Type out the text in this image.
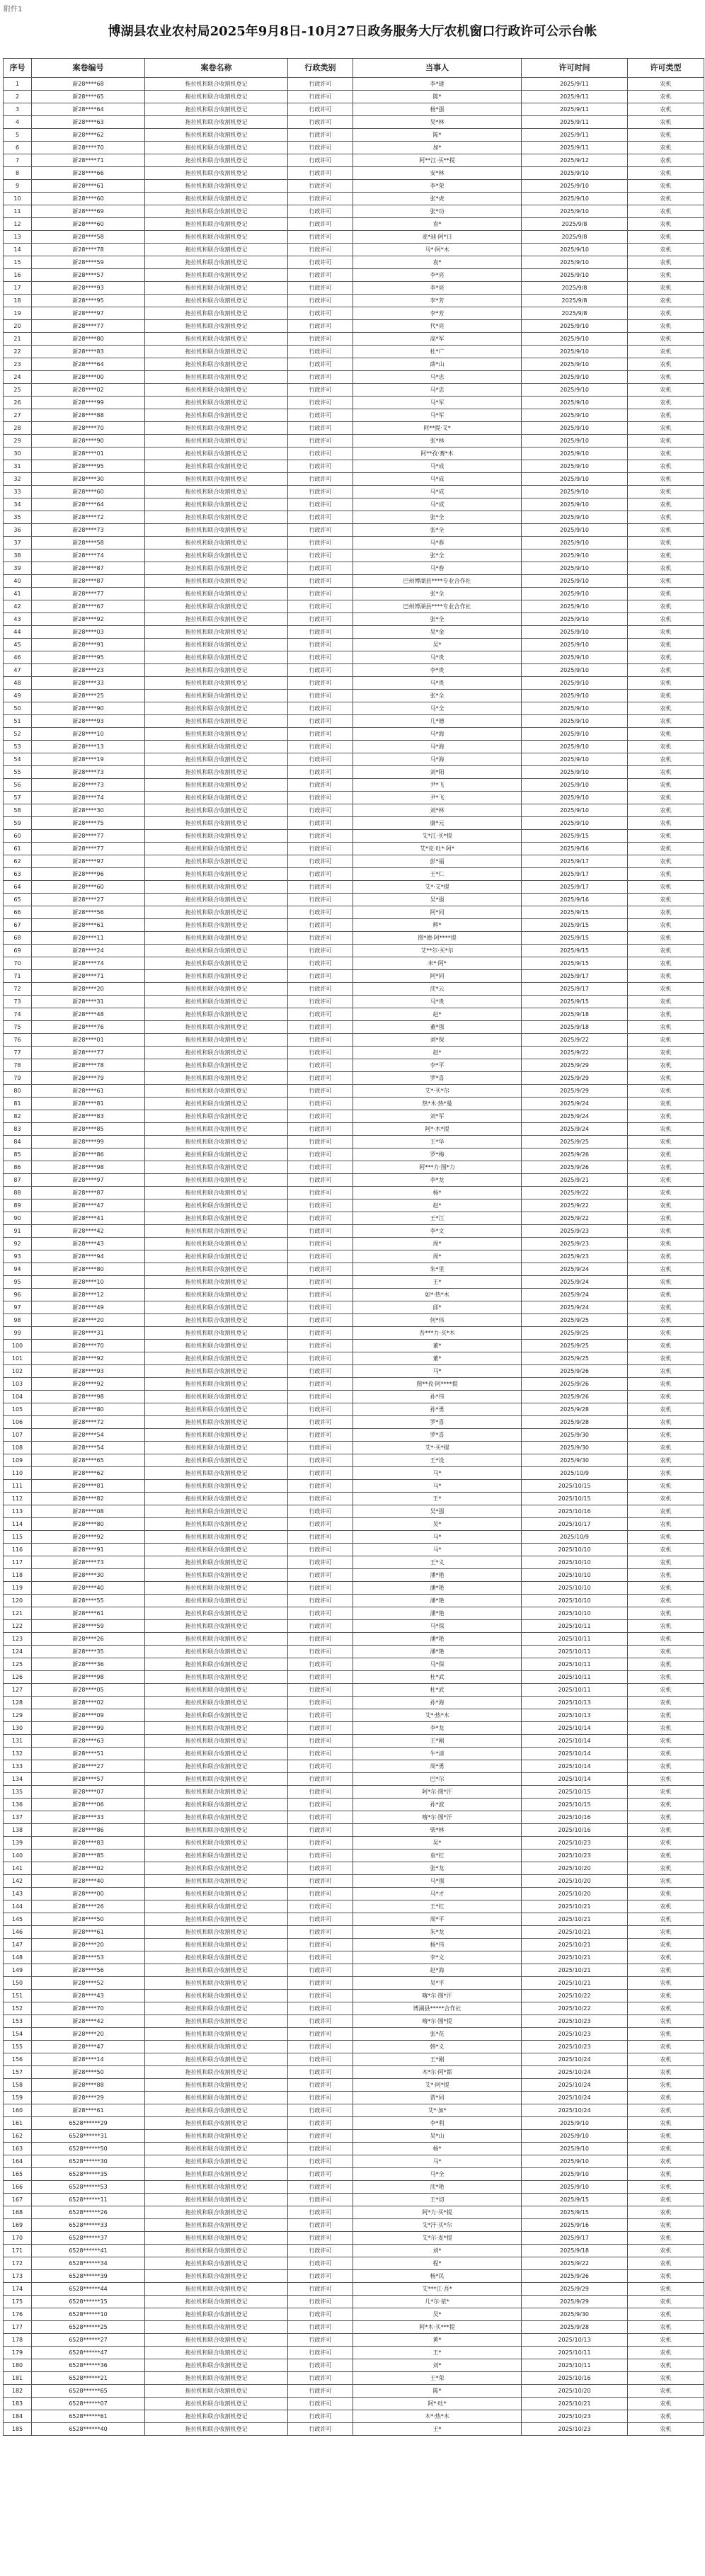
附件1
博湖县农业农村局2025年9月8日-10月27日政务服务大厅农机窗口行政许可公示台帐
序号	案卷编号	案卷名称	行政类别	当事人	许可时间	许可类型
1	新28****68	拖拉机和联合收割机登记	行政许可	李*建	2025/9/11	农机
2	新28****65	拖拉机和联合收割机登记	行政许可	陈*	2025/9/11	农机
3	新28****64	拖拉机和联合收割机登记	行政许可	杨*强	2025/9/11	农机
4	新28****63	拖拉机和联合收割机登记	行政许可	吴*林	2025/9/11	农机
5	新28****62	拖拉机和联合收割机登记	行政许可	陈*	2025/9/11	农机
6	新28****70	拖拉机和联合收割机登记	行政许可	加*	2025/9/11	农机
7	新28****71	拖拉机和联合收割机登记	行政许可	阿**江·买**提	2025/9/12	农机
8	新28****66	拖拉机和联合收割机登记	行政许可	安*林	2025/9/10	农机
9	新28****61	拖拉机和联合收割机登记	行政许可	李*荣	2025/9/10	农机
10	新28****60	拖拉机和联合收割机登记	行政许可	张*虎	2025/9/10	农机
11	新28****69	拖拉机和联合收割机登记	行政许可	张*功	2025/9/10	农机
12	新28****60	拖拉机和联合收割机登记	行政许可	袁*	2025/9/8	农机
13	新28****58	拖拉机和联合收割机登记	行政许可	麦*迪·阿*日	2025/9/8	农机
14	新28****78	拖拉机和联合收割机登记	行政许可	马*·阿*木	2025/9/10	农机
15	新28****59	拖拉机和联合收割机登记	行政许可	袁*	2025/9/10	农机
16	新28****57	拖拉机和联合收割机登记	行政许可	李*亮	2025/9/10	农机
17	新28****93	拖拉机和联合收割机登记	行政许可	李*亮	2025/9/8	农机
18	新28****95	拖拉机和联合收割机登记	行政许可	李*芳	2025/9/8	农机
19	新28****97	拖拉机和联合收割机登记	行政许可	李*芳	2025/9/8	农机
20	新28****77	拖拉机和联合收割机登记	行政许可	代*亮	2025/9/10	农机
21	新28****80	拖拉机和联合收割机登记	行政许可	高*军	2025/9/10	农机
22	新28****83	拖拉机和联合收割机登记	行政许可	杜*广	2025/9/10	农机
23	新28****64	拖拉机和联合收割机登记	行政许可	薛*山	2025/9/10	农机
24	新28****00	拖拉机和联合收割机登记	行政许可	马*忠	2025/9/10	农机
25	新28****02	拖拉机和联合收割机登记	行政许可	马*忠	2025/9/10	农机
26	新28****99	拖拉机和联合收割机登记	行政许可	马*军	2025/9/10	农机
27	新28****88	拖拉机和联合收割机登记	行政许可	马*军	2025/9/10	农机
28	新28****70	拖拉机和联合收割机登记	行政许可	阿**提·艾*	2025/9/10	农机
29	新28****90	拖拉机和联合收割机登记	行政许可	张*林	2025/9/10	农机
30	新28****01	拖拉机和联合收割机登记	行政许可	阿**孜·赛*木	2025/9/10	农机
31	新28****95	拖拉机和联合收割机登记	行政许可	马*成	2025/9/10	农机
32	新28****30	拖拉机和联合收割机登记	行政许可	马*成	2025/9/10	农机
33	新28****60	拖拉机和联合收割机登记	行政许可	马*成	2025/9/10	农机
34	新28****64	拖拉机和联合收割机登记	行政许可	马*成	2025/9/10	农机
35	新28****72	拖拉机和联合收割机登记	行政许可	张*全	2025/9/10	农机
36	新28****73	拖拉机和联合收割机登记	行政许可	张*全	2025/9/10	农机
37	新28****58	拖拉机和联合收割机登记	行政许可	马*春	2025/9/10	农机
38	新28****74	拖拉机和联合收割机登记	行政许可	张*全	2025/9/10	农机
39	新28****87	拖拉机和联合收割机登记	行政许可	马*春	2025/9/10	农机
40	新28****87	拖拉机和联合收割机登记	行政许可	巴州博湖县****专业合作社	2025/9/10	农机
41	新28****77	拖拉机和联合收割机登记	行政许可	张*全	2025/9/10	农机
42	新28****67	拖拉机和联合收割机登记	行政许可	巴州博湖县****专业合作社	2025/9/10	农机
43	新28****92	拖拉机和联合收割机登记	行政许可	张*全	2025/9/10	农机
44	新28****03	拖拉机和联合收割机登记	行政许可	吴*金	2025/9/10	农机
45	新28****91	拖拉机和联合收割机登记	行政许可	吴*	2025/9/10	农机
46	新28****95	拖拉机和联合收割机登记	行政许可	马*贵	2025/9/10	农机
47	新28****23	拖拉机和联合收割机登记	行政许可	李*贵	2025/9/10	农机
48	新28****33	拖拉机和联合收割机登记	行政许可	马*贵	2025/9/10	农机
49	新28****25	拖拉机和联合收割机登记	行政许可	张*全	2025/9/10	农机
50	新28****90	拖拉机和联合收割机登记	行政许可	马*全	2025/9/10	农机
51	新28****93	拖拉机和联合收割机登记	行政许可	几*德	2025/9/10	农机
52	新28****10	拖拉机和联合收割机登记	行政许可	马*海	2025/9/10	农机
53	新28****13	拖拉机和联合收割机登记	行政许可	马*海	2025/9/10	农机
54	新28****19	拖拉机和联合收割机登记	行政许可	马*海	2025/9/10	农机
55	新28****73	拖拉机和联合收割机登记	行政许可	刘*阳	2025/9/10	农机
56	新28****73	拖拉机和联合收割机登记	行政许可	尹*飞	2025/9/10	农机
57	新28****74	拖拉机和联合收割机登记	行政许可	尹*飞	2025/9/10	农机
58	新28****30	拖拉机和联合收割机登记	行政许可	刘*林	2025/9/10	农机
59	新28****75	拖拉机和联合收割机登记	行政许可	康*元	2025/9/10	农机
60	新28****77	拖拉机和联合收割机登记	行政许可	艾*江·买*提	2025/9/15	农机
61	新28****77	拖拉机和联合收割机登记	行政许可	艾*克·吐*·阿*	2025/9/16	农机
62	新28****97	拖拉机和联合收割机登记	行政许可	彭*福	2025/9/17	农机
63	新28****96	拖拉机和联合收割机登记	行政许可	王*仁	2025/9/17	农机
64	新28****60	拖拉机和联合收割机登记	行政许可	艾*·艾*提	2025/9/17	农机
65	新28****27	拖拉机和联合收割机登记	行政许可	吴*强	2025/9/16	农机
66	新28****56	拖拉机和联合收割机登记	行政许可	阿*同	2025/9/15	农机
67	新28****61	拖拉机和联合收割机登记	行政许可	辉*	2025/9/15	农机
68	新28****11	拖拉机和联合收割机登记	行政许可	图*德·阿****提	2025/9/15	农机
69	新28****24	拖拉机和联合收割机登记	行政许可	艾**尔·买*尔	2025/9/15	农机
70	新28****74	拖拉机和联合收割机登记	行政许可	米*·阿*	2025/9/15	农机
71	新28****71	拖拉机和联合收割机登记	行政许可	阿*同	2025/9/17	农机
72	新28****20	拖拉机和联合收割机登记	行政许可	沈*云	2025/9/17	农机
73	新28****31	拖拉机和联合收割机登记	行政许可	马*贵	2025/9/15	农机
74	新28****48	拖拉机和联合收割机登记	行政许可	赵*	2025/9/18	农机
75	新28****76	拖拉机和联合收割机登记	行政许可	董*强	2025/9/18	农机
76	新28****01	拖拉机和联合收割机登记	行政许可	刘*保	2025/9/22	农机
77	新28****77	拖拉机和联合收割机登记	行政许可	赵*	2025/9/22	农机
78	新28****78	拖拉机和联合收割机登记	行政许可	李*平	2025/9/29	农机
79	新28****79	拖拉机和联合收割机登记	行政许可	罗*喜	2025/9/29	农机
80	新28****61	拖拉机和联合收割机登记	行政许可	艾*·买*尔	2025/9/29	农机
81	新28****81	拖拉机和联合收割机登记	行政许可	热*木·热*曼	2025/9/24	农机
82	新28****83	拖拉机和联合收割机登记	行政许可	刘*军	2025/9/24	农机
83	新28****85	拖拉机和联合收割机登记	行政许可	阿*·木*提	2025/9/24	农机
84	新28****99	拖拉机和联合收割机登记	行政许可	王*华	2025/9/25	农机
85	新28****86	拖拉机和联合收割机登记	行政许可	罗*梅	2025/9/26	农机
86	新28****98	拖拉机和联合收割机登记	行政许可	阿***力·图*力	2025/9/26	农机
87	新28****97	拖拉机和联合收割机登记	行政许可	李*龙	2025/9/21	农机
88	新28****87	拖拉机和联合收割机登记	行政许可	杨*	2025/9/22	农机
89	新28****47	拖拉机和联合收割机登记	行政许可	赵*	2025/9/22	农机
90	新28****41	拖拉机和联合收割机登记	行政许可	王*江	2025/9/22	农机
91	新28****42	拖拉机和联合收割机登记	行政许可	李*文	2025/9/23	农机
92	新28****43	拖拉机和联合收割机登记	行政许可	周*	2025/9/23	农机
93	新28****94	拖拉机和联合收割机登记	行政许可	周*	2025/9/23	农机
94	新28****80	拖拉机和联合收割机登记	行政许可	朱*里	2025/9/24	农机
95	新28****10	拖拉机和联合收割机登记	行政许可	王*	2025/9/24	农机
96	新28****12	拖拉机和联合收割机登记	行政许可	如*·热*木	2025/9/24	农机
97	新28****49	拖拉机和联合收割机登记	行政许可	邱*	2025/9/24	农机
98	新28****20	拖拉机和联合收割机登记	行政许可	何*伟	2025/9/25	农机
99	新28****31	拖拉机和联合收割机登记	行政许可	吾***力·买*木	2025/9/25	农机
100	新28****70	拖拉机和联合收割机登记	行政许可	董*	2025/9/25	农机
101	新28****92	拖拉机和联合收割机登记	行政许可	董*	2025/9/25	农机
102	新28****93	拖拉机和联合收割机登记	行政许可	马*	2025/9/26	农机
103	新28****92	拖拉机和联合收割机登记	行政许可	图**孜·阿****提	2025/9/26	农机
104	新28****98	拖拉机和联合收割机登记	行政许可	孙*伟	2025/9/26	农机
105	新28****80	拖拉机和联合收割机登记	行政许可	孙*勇	2025/9/28	农机
106	新28****72	拖拉机和联合收割机登记	行政许可	罗*喜	2025/9/28	农机
107	新28****54	拖拉机和联合收割机登记	行政许可	罗*喜	2025/9/30	农机
108	新28****54	拖拉机和联合收割机登记	行政许可	艾*·买*提	2025/9/30	农机
109	新28****65	拖拉机和联合收割机登记	行政许可	王*设	2025/9/30	农机
110	新28****62	拖拉机和联合收割机登记	行政许可	马*	2025/10/9	农机
111	新28****81	拖拉机和联合收割机登记	行政许可	马*	2025/10/15	农机
112	新28****82	拖拉机和联合收割机登记	行政许可	王*	2025/10/15	农机
113	新28****08	拖拉机和联合收割机登记	行政许可	吴*强	2025/10/16	农机
114	新28****80	拖拉机和联合收割机登记	行政许可	吴*	2025/10/17	农机
115	新28****92	拖拉机和联合收割机登记	行政许可	马*	2025/10/9	农机
116	新28****91	拖拉机和联合收割机登记	行政许可	马*	2025/10/10	农机
117	新28****73	拖拉机和联合收割机登记	行政许可	王*义	2025/10/10	农机
118	新28****30	拖拉机和联合收割机登记	行政许可	潘*艳	2025/10/10	农机
119	新28****40	拖拉机和联合收割机登记	行政许可	潘*艳	2025/10/10	农机
120	新28****55	拖拉机和联合收割机登记	行政许可	潘*艳	2025/10/10	农机
121	新28****61	拖拉机和联合收割机登记	行政许可	潘*艳	2025/10/10	农机
122	新28****59	拖拉机和联合收割机登记	行政许可	马*保	2025/10/11	农机
123	新28****26	拖拉机和联合收割机登记	行政许可	潘*艳	2025/10/11	农机
124	新28****35	拖拉机和联合收割机登记	行政许可	潘*艳	2025/10/11	农机
125	新28****36	拖拉机和联合收割机登记	行政许可	马*保	2025/10/11	农机
126	新28****98	拖拉机和联合收割机登记	行政许可	杜*武	2025/10/11	农机
127	新28****05	拖拉机和联合收割机登记	行政许可	杜*武	2025/10/11	农机
128	新28****02	拖拉机和联合收割机登记	行政许可	孙*海	2025/10/13	农机
129	新28****09	拖拉机和联合收割机登记	行政许可	艾*·热*木	2025/10/13	农机
130	新28****99	拖拉机和联合收割机登记	行政许可	李*龙	2025/10/14	农机
131	新28****63	拖拉机和联合收割机登记	行政许可	王*刚	2025/10/14	农机
132	新28****51	拖拉机和联合收割机登记	行政许可	牛*清	2025/10/14	农机
133	新28****27	拖拉机和联合收割机登记	行政许可	周*勇	2025/10/14	农机
134	新28****57	拖拉机和联合收割机登记	行政许可	巴*尔	2025/10/14	农机
135	新28****07	拖拉机和联合收割机登记	行政许可	阿*尔·图*汗	2025/10/15	农机
136	新28****06	拖拉机和联合收割机登记	行政许可	孙*波	2025/10/15	农机
137	新28****33	拖拉机和联合收割机登记	行政许可	喀*尔·图*汗	2025/10/16	农机
138	新28****86	拖拉机和联合收割机登记	行政许可	柴*林	2025/10/16	农机
139	新28****83	拖拉机和联合收割机登记	行政许可	吴*	2025/10/23	农机
140	新28****85	拖拉机和联合收割机登记	行政许可	袁*红	2025/10/23	农机
141	新28****02	拖拉机和联合收割机登记	行政许可	张*龙	2025/10/20	农机
142	新28****40	拖拉机和联合收割机登记	行政许可	马*强	2025/10/20	农机
143	新28****00	拖拉机和联合收割机登记	行政许可	马*才	2025/10/20	农机
144	新28****26	拖拉机和联合收割机登记	行政许可	王*红	2025/10/21	农机
145	新28****50	拖拉机和联合收割机登记	行政许可	周*平	2025/10/21	农机
146	新28****61	拖拉机和联合收割机登记	行政许可	朱*龙	2025/10/21	农机
147	新28****20	拖拉机和联合收割机登记	行政许可	杨*伟	2025/10/21	农机
148	新28****53	拖拉机和联合收割机登记	行政许可	李*文	2025/10/21	农机
149	新28****56	拖拉机和联合收割机登记	行政许可	赵*海	2025/10/21	农机
150	新28****52	拖拉机和联合收割机登记	行政许可	吴*平	2025/10/21	农机
151	新28****43	拖拉机和联合收割机登记	行政许可	喀*尔·图*汗	2025/10/22	农机
152	新28****70	拖拉机和联合收割机登记	行政许可	博湖县*****合作社	2025/10/22	农机
153	新28****42	拖拉机和联合收割机登记	行政许可	喀*尔·图*提	2025/10/23	农机
154	新28****20	拖拉机和联合收割机登记	行政许可	张*花	2025/10/23	农机
155	新28****47	拖拉机和联合收割机登记	行政许可	韩*义	2025/10/23	农机
156	新28****14	拖拉机和联合收割机登记	行政许可	王*刚	2025/10/24	农机
157	新28****50	拖拉机和联合收割机登记	行政许可	木*尔·阿*都	2025/10/24	农机
158	新28****88	拖拉机和联合收割机登记	行政许可	艾*·阿*提	2025/10/24	农机
159	新28****29	拖拉机和联合收割机登记	行政许可	贾*同	2025/10/24	农机
160	新28****61	拖拉机和联合收割机登记	行政许可	艾*·加*	2025/10/24	农机
161	6528******29	拖拉机和联合收割机登记	行政许可	李*利	2025/9/10	农机
162	6528******31	拖拉机和联合收割机登记	行政许可	吴*山	2025/9/10	农机
163	6528******50	拖拉机和联合收割机登记	行政许可	杨*	2025/9/10	农机
164	6528******30	拖拉机和联合收割机登记	行政许可	马*	2025/9/10	农机
165	6528******35	拖拉机和联合收割机登记	行政许可	马*全	2025/9/10	农机
166	6528******53	拖拉机和联合收割机登记	行政许可	沈*艳	2025/9/10	农机
167	6528******11	拖拉机和联合收割机登记	行政许可	王*切	2025/9/15	农机
168	6528******26	拖拉机和联合收割机登记	行政许可	阿*力·买*提	2025/9/15	农机
169	6528******33	拖拉机和联合收割机登记	行政许可	艾*汗·买*尔	2025/9/16	农机
170	6528******37	拖拉机和联合收割机登记	行政许可	艾*尔·麦*提	2025/9/17	农机
171	6528******41	拖拉机和联合收割机登记	行政许可	刘*	2025/9/18	农机
172	6528******34	拖拉机和联合收割机登记	行政许可	程*	2025/9/22	农机
173	6528******39	拖拉机和联合收割机登记	行政许可	杨*民	2025/9/26	农机
174	6528******44	拖拉机和联合收割机登记	行政许可	艾***江·吾*	2025/9/29	农机
175	6528******15	拖拉机和联合收割机登记	行政许可	几*尔·依*	2025/9/29	农机
176	6528******10	拖拉机和联合收割机登记	行政许可	吴*	2025/9/30	农机
177	6528******25	拖拉机和联合收割机登记	行政许可	阿*木·买***提	2025/9/28	农机
178	6528******27	拖拉机和联合收割机登记	行政许可	黄*	2025/10/13	农机
179	6528******47	拖拉机和联合收割机登记	行政许可	王*	2025/10/11	农机
180	6528******36	拖拉机和联合收割机登记	行政许可	刘*	2025/10/11	农机
181	6528******21	拖拉机和联合收割机登记	行政许可	王*荣	2025/10/16	农机
182	6528******65	拖拉机和联合收割机登记	行政许可	陈*	2025/10/20	农机
183	6528******07	拖拉机和联合收割机登记	行政许可	阿*·吐*	2025/10/21	农机
184	6528******61	拖拉机和联合收割机登记	行政许可	木*·热*木	2025/10/23	农机
185	6528******40	拖拉机和联合收割机登记	行政许可	王*	2025/10/23	农机
